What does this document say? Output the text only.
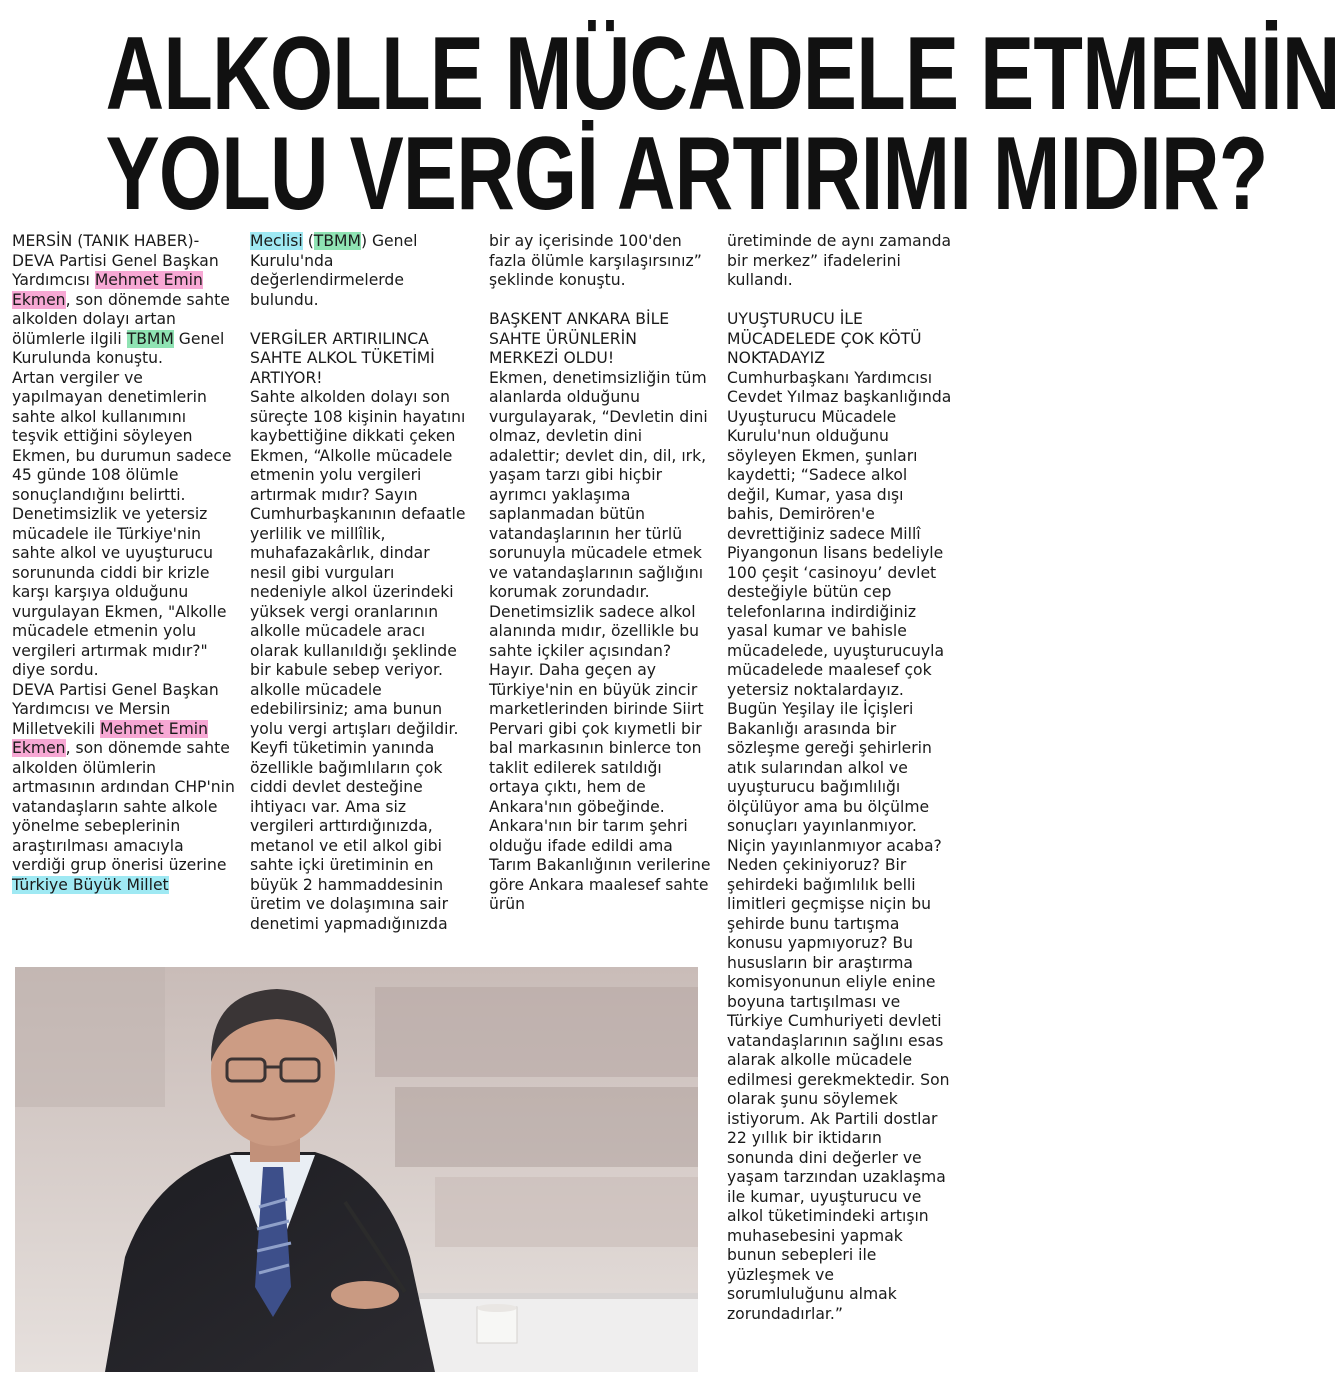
ALKOLLE MÜCADELE ETMENİN
YOLU VERGİ ARTIRIMI MIDIR?

MERSİN (TANIK HABER)- DEVA Partisi Genel Başkan Yardımcısı Mehmet Emin Ekmen, son dönemde sahte alkolden dolayı artan ölümlerle ilgili TBMM Genel Kurulunda konuştu.

Artan vergiler ve yapılmayan denetimlerin sahte alkol kullanımını teşvik ettiğini söyleyen Ekmen, bu durumun sadece 45 günde 108 ölümle sonuçlandığını belirtti. Denetimsizlik ve yetersiz mücadele ile Türkiye'nin sahte alkol ve uyuşturucu sorununda ciddi bir krizle karşı karşıya olduğunu vurgulayan Ekmen, "Alkolle mücadele etmenin yolu vergileri artırmak mıdır?" diye sordu.

DEVA Partisi Genel Başkan Yardımcısı ve Mersin Milletvekili Mehmet Emin Ekmen, son dönemde sahte alkolden ölümlerin artmasının ardından CHP'nin vatandaşların sahte alkole yönelme sebeplerinin araştırılması amacıyla verdiği grup önerisi üzerine Türkiye Büyük Millet

Meclisi (TBMM) Genel Kurulu'nda değerlendirmelerde bulundu.

VERGİLER ARTIRILINCA SAHTE ALKOL TÜKETİMİ ARTIYOR!

Sahte alkolden dolayı son süreçte 108 kişinin hayatını kaybettiğine dikkati çeken Ekmen, “Alkolle mücadele etmenin yolu vergileri artırmak mıdır? Sayın Cumhurbaşkanının defaatle yerlilik ve millîlik, muhafazakârlık, dindar nesil gibi vurguları nedeniyle alkol üzerindeki yüksek vergi oranlarının alkolle mücadele aracı olarak kullanıldığı şeklinde bir kabule sebep veriyor. alkolle mücadele edebilirsiniz; ama bunun yolu vergi artışları değildir. Keyfi tüketimin yanında özellikle bağımlıların çok ciddi devlet desteğine ihtiyacı var. Ama siz vergileri arttırdığınızda, metanol ve etil alkol gibi sahte içki üretiminin en büyük 2 hammaddesinin üretim ve dolaşımına sair denetimi yapmadığınızda

bir ay içerisinde 100'den fazla ölümle karşılaşırsınız” şeklinde konuştu.

BAŞKENT ANKARA BİLE SAHTE ÜRÜNLERİN MERKEZİ OLDU!

Ekmen, denetimsizliğin tüm alanlarda olduğunu vurgulayarak, “Devletin dini olmaz, devletin dini adalettir; devlet din, dil, ırk, yaşam tarzı gibi hiçbir ayrımcı yaklaşıma saplanmadan bütün vatandaşlarının her türlü sorunuyla mücadele etmek ve vatandaşlarının sağlığını korumak zorundadır. Denetimsizlik sadece alkol alanında mıdır, özellikle bu sahte içkiler açısından? Hayır. Daha geçen ay Türkiye'nin en büyük zincir marketlerinden birinde Siirt Pervari gibi çok kıymetli bir bal markasının binlerce ton taklit edilerek satıldığı ortaya çıktı, hem de Ankara'nın göbeğinde. Ankara'nın bir tarım şehri olduğu ifade edildi ama Tarım Bakanlığının verilerine göre Ankara maalesef sahte ürün

üretiminde de aynı zamanda bir merkez” ifadelerini kullandı.

UYUŞTURUCU İLE MÜCADELEDE ÇOK KÖTÜ NOKTADAYIZ

Cumhurbaşkanı Yardımcısı Cevdet Yılmaz başkanlığında Uyuşturucu Mücadele Kurulu'nun olduğunu söyleyen Ekmen, şunları kaydetti; “Sadece alkol değil, Kumar, yasa dışı bahis, Demirören'e devrettiğiniz sadece Millî Piyangonun lisans bedeliyle 100 çeşit ‘casinoyu’ devlet desteğiyle bütün cep telefonlarına indirdiğiniz yasal kumar ve bahisle mücadelede, uyuşturucuyla mücadelede maalesef çok yetersiz noktalardayız. Bugün Yeşilay ile İçişleri Bakanlığı arasında bir sözleşme gereği şehirlerin atık sularından alkol ve uyuşturucu bağımlılığı ölçülüyor ama bu ölçülme sonuçları yayınlanmıyor. Niçin yayınlanmıyor acaba? Neden çekiniyoruz? Bir şehirdeki bağımlılık belli limitleri geçmişse niçin bu şehirde bunu tartışma konusu yapmıyoruz? Bu hususların bir araştırma komisyonunun eliyle enine boyuna tartışılması ve Türkiye Cumhuriyeti devleti vatandaşlarının sağlını esas alarak alkolle mücadele edilmesi gerekmektedir. Son olarak şunu söylemek istiyorum. Ak Partili dostlar 22 yıllık bir iktidarın sonunda dini değerler ve yaşam tarzından uzaklaşma ile kumar, uyuşturucu ve alkol tüketimindeki artışın muhasebesini yapmak bunun sebepleri ile yüzleşmek ve sorumluluğunu almak zorundadırlar.”
